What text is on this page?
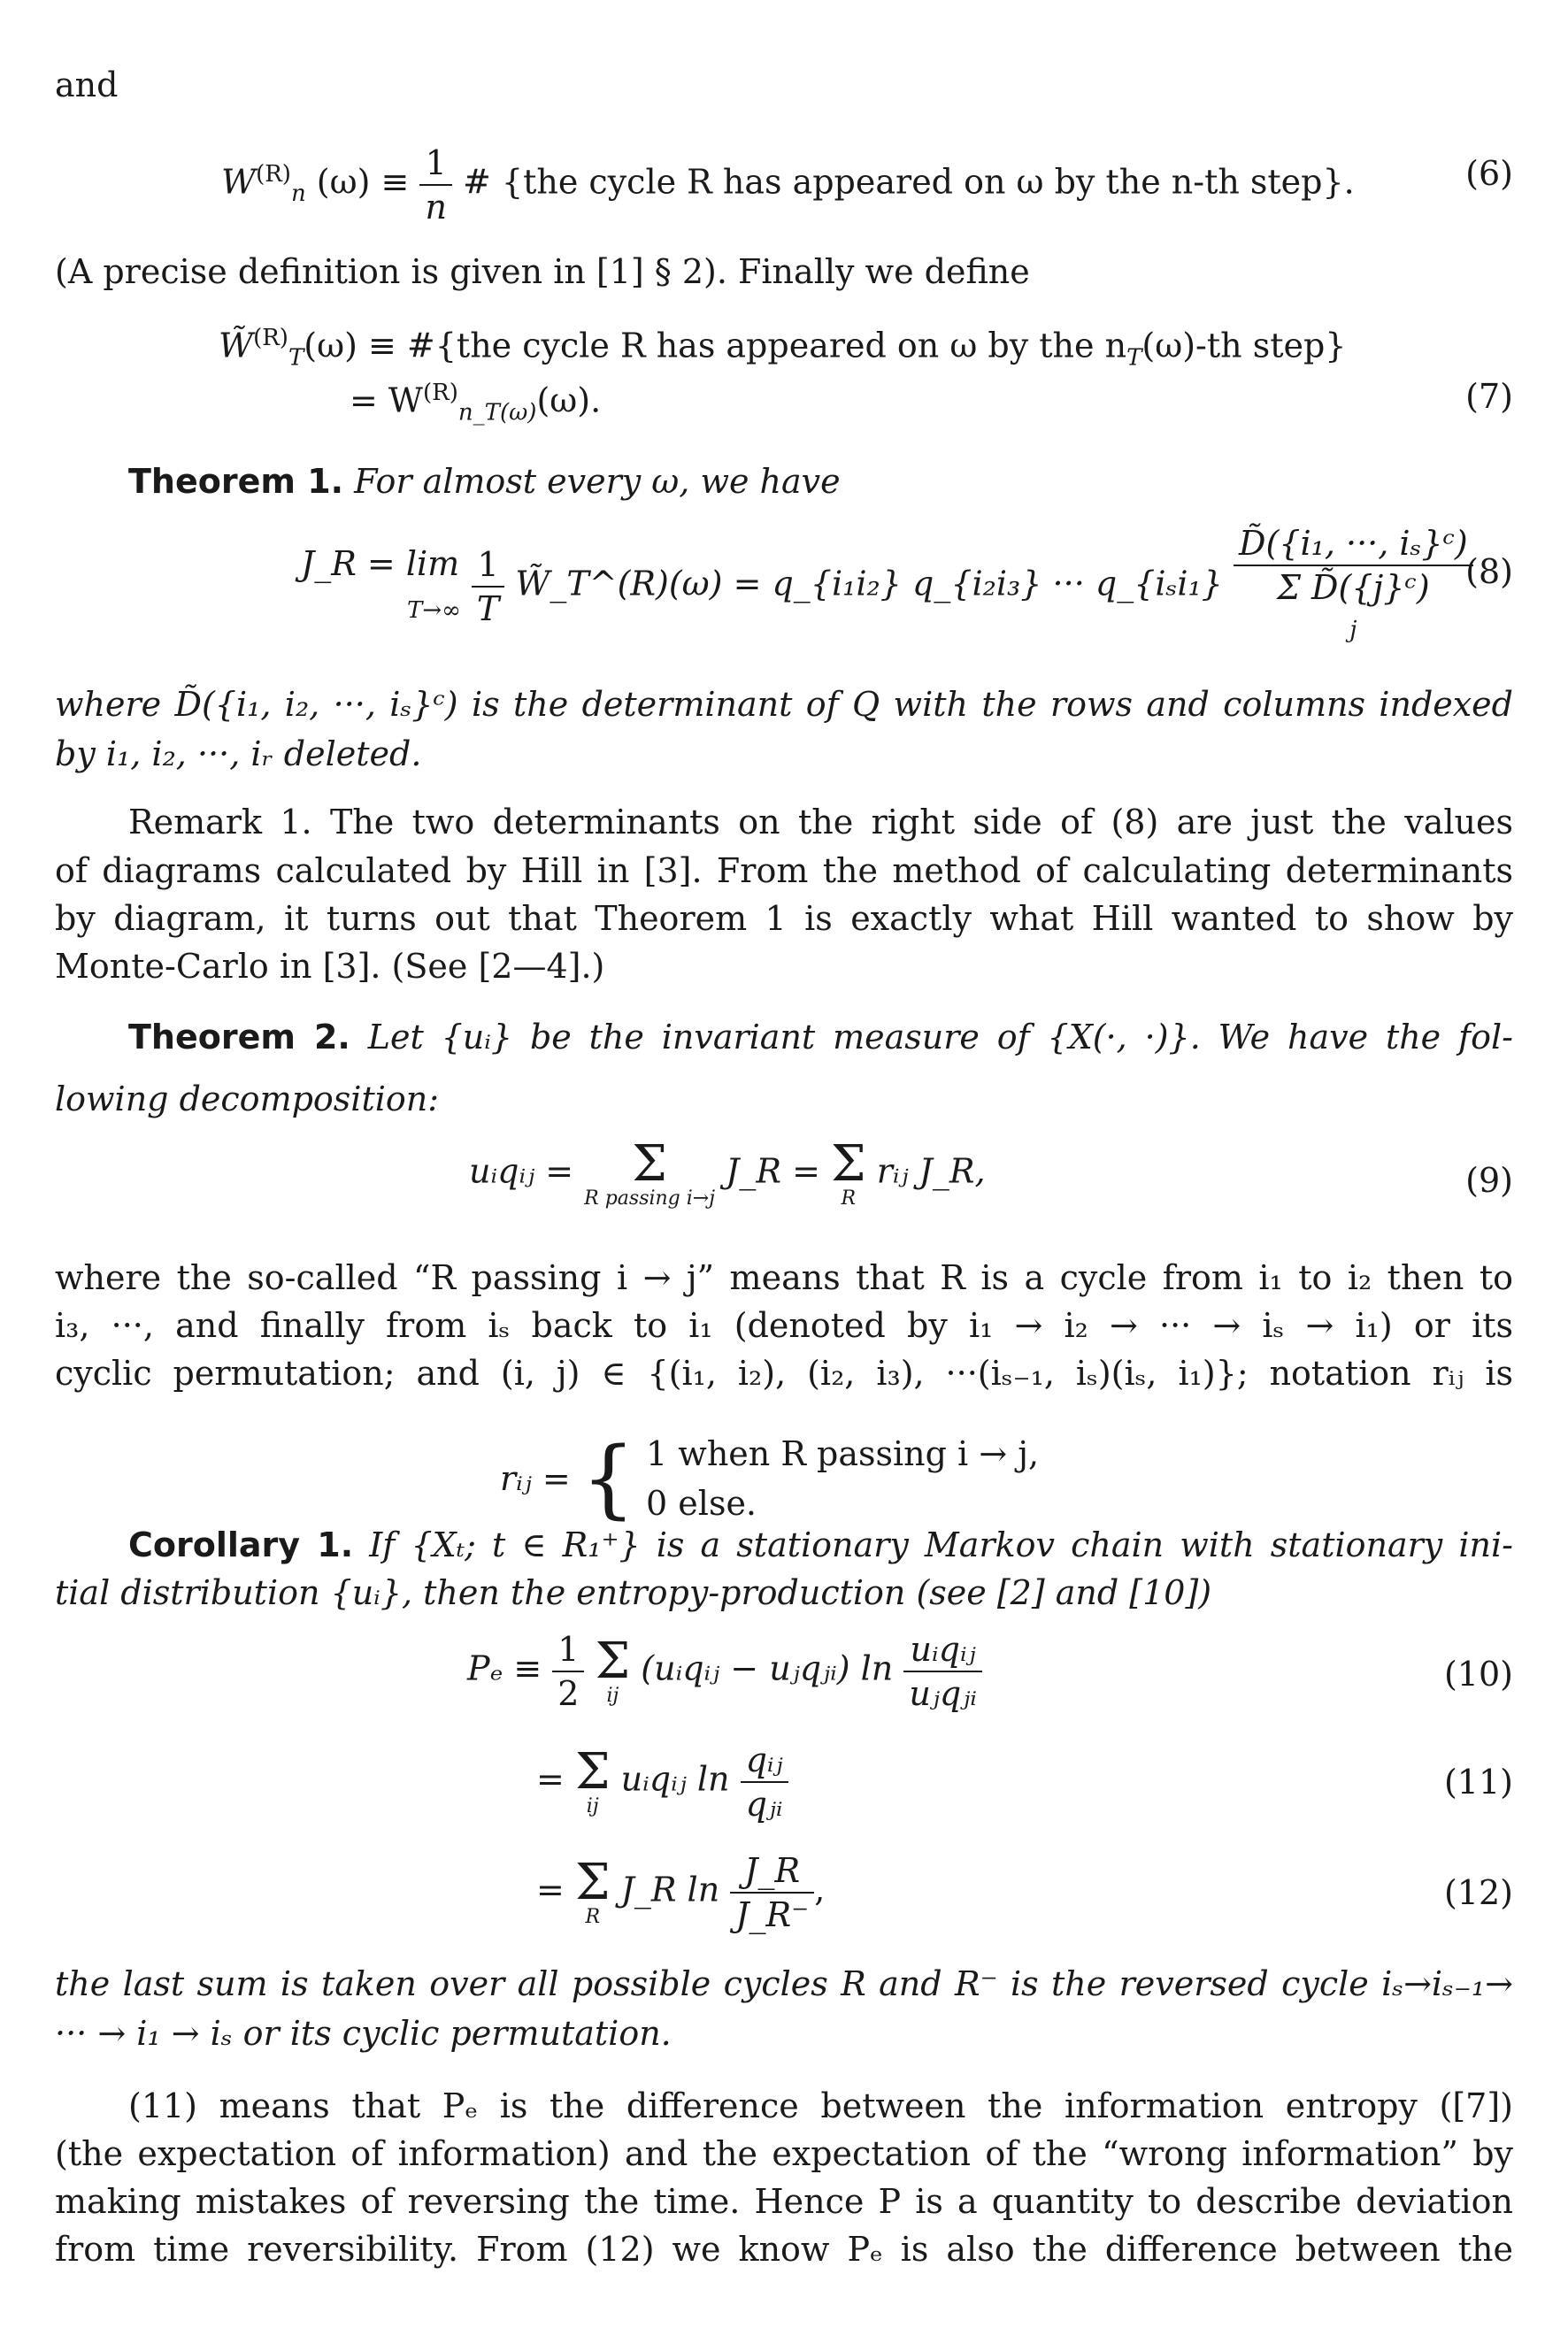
and
$W^{(R)}_n$ $(\omega) \equiv \frac{1}{n}$ # {the cycle R has appeared on ω by the n-th step}.	(6)
(A precise definition is given in [1] § 2). Finally we define
W̃$^{(R)}_T$(ω) ≡ #{the cycle R has appeared on ω by the $n_T(\omega)-th$ step}
= $W^{(R)}_{n\_T(\omega)}(\omega)$.	(7)
Theorem 1. For almost every ω, we have
J_R = lim
$T\to\infty \frac{1}{T}$ W̃_T^(R)(ω) = q_{i₁i₂} q_{i₂i₃} ··· q_{iₛi₁}
D̃({i₁, ···, iₛ}ᶜ)
Σ D̃({j}ᶜ)
j
(8)
where D̃({i₁, i₂, ···, iₛ}ᶜ) is the determinant of Q with the rows and columns indexed
by i₁, i₂, ···, iᵣ deleted.
Remark 1. The two determinants on the right side of (8) are just the values
of diagrams calculated by Hill in [3]. From the method of calculating determinants
by diagram, it turns out that Theorem 1 is exactly what Hill wanted to show by
Monte-Carlo in [3]. (See [2—4].)
Theorem 2. Let {uᵢ} be the invariant measure of {X(·, ·)}. We have the fol-
lowing decomposition:
uᵢqᵢⱼ =	Σ
R passing i→j
J_R = Σ
R
rᵢⱼ J_R,	(9)
where the so-called “R passing i → j” means that R is a cycle from i₁ to i₂ then to
i₃, ···, and finally from iₛ back to i₁ (denoted by i₁ → i₂ → ··· → iₛ → i₁) or its
cyclic permutation; and (i, j) ∈ {(i₁, i₂), (i₂, i₃), ···(iₛ₋₁, iₛ)(iₛ, i₁)}; notation rᵢⱼ is
rᵢⱼ = { 1 when R passing i → j,
0 else.
Corollary 1. If {Xₜ; t ∈ R₁⁺} is a stationary Markov chain with stationary ini-
tial distribution {uᵢ}, then the entropy-production (see [2] and [10])
$P_e \equiv \frac{1}{2}$
Σ
ij
(uᵢqᵢⱼ − uⱼqⱼᵢ) $\ln \frac{\text{uᵢqᵢⱼ}}{\text{uⱼqⱼᵢ}}$	(10)
= Σ
ij
uᵢqᵢⱼ $\ln \frac{\text{qᵢⱼ}}{\text{qⱼᵢ}}$	(11)
= Σ
R
J_R $\ln \frac{J\_R}{J\_R^-}$ ,	(12)
the last sum is taken over all possible cycles R and R⁻ is the reversed cycle iₛ→iₛ₋₁→
··· → i₁ → iₛ or its cyclic permutation.
(11) means that Pₑ is the difference between the information entropy ([7])
(the expectation of information) and the expectation of the “wrong information” by
making mistakes of reversing the time. Hence P is a quantity to describe deviation
from time reversibility. From (12) we know Pₑ is also the difference between the
